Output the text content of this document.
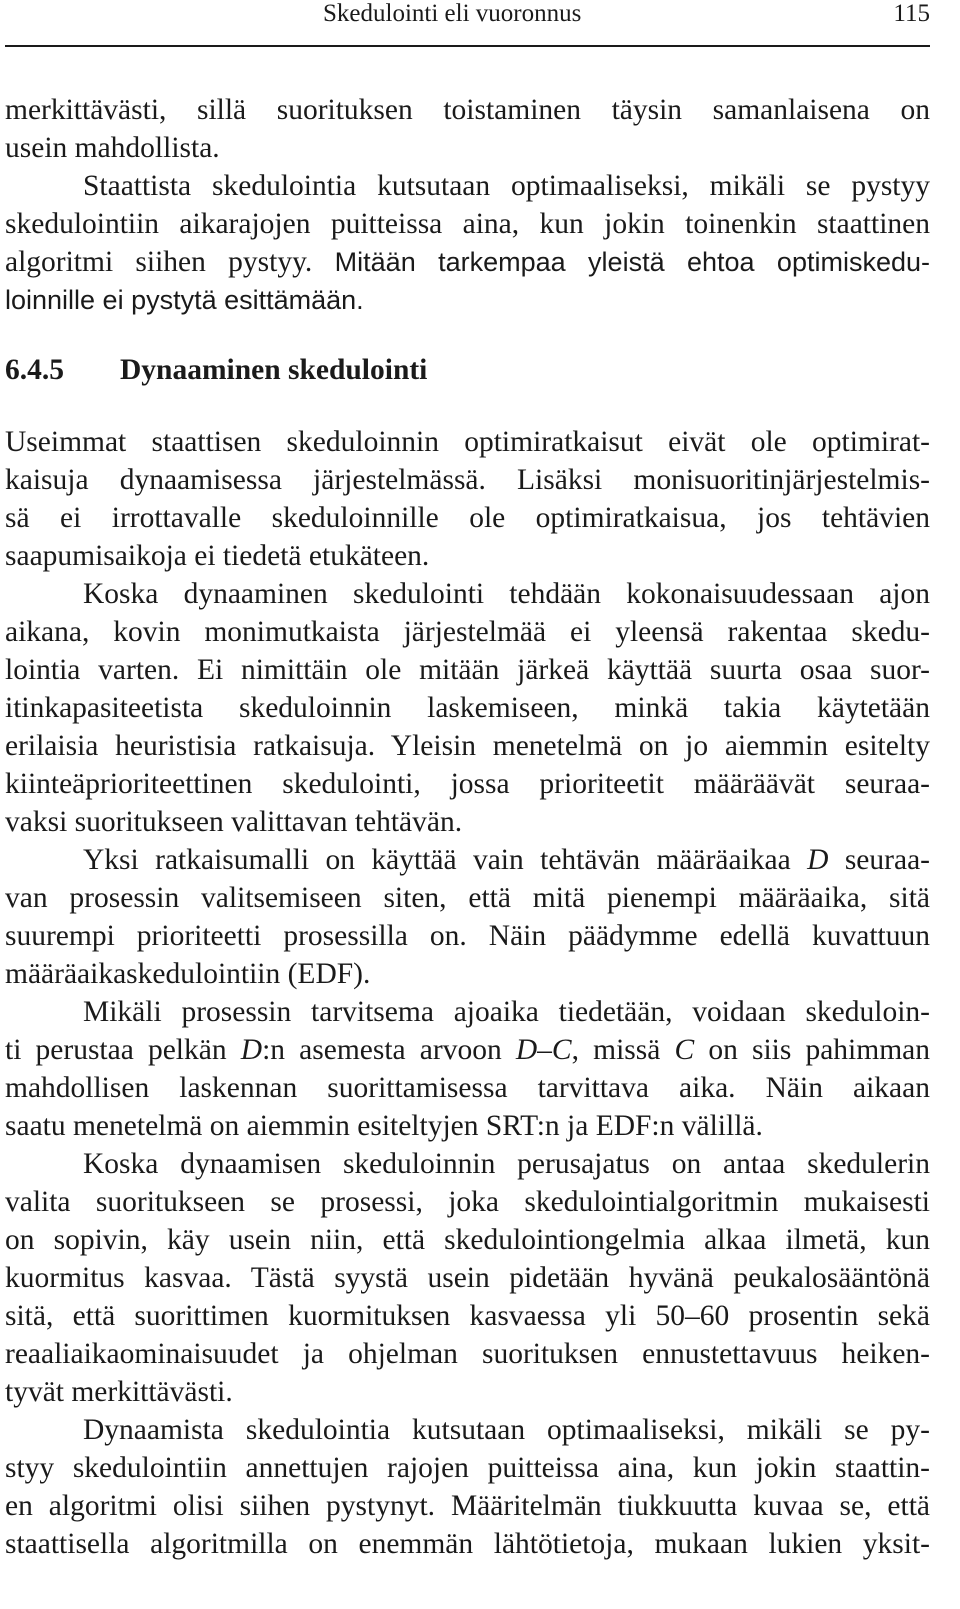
Skedulointi eli vuoronnus	115
merkittävästi, sillä suorituksen toistaminen täysin samanlaisena on
usein mahdollista.
Staattista skedulointia kutsutaan optimaaliseksi, mikäli se pystyy
skedulointiin aikarajojen puitteissa aina, kun jokin toinenkin staattinen
algoritmi siihen pystyy. Mitään tarkempaa yleistä ehtoa optimiskedu-
loinnille ei pystytä esittämään.
6.4.5 Dynaaminen skedulointi
Useimmat staattisen skeduloinnin optimiratkaisut eivät ole optimirat-
kaisuja dynaamisessa järjestelmässä. Lisäksi monisuoritinjärjestelmis-
sä ei irrottavalle skeduloinnille ole optimiratkaisua, jos tehtävien
saapumisaikoja ei tiedetä etukäteen.
Koska dynaaminen skedulointi tehdään kokonaisuudessaan ajon
aikana, kovin monimutkaista järjestelmää ei yleensä rakentaa skedu-
lointia varten. Ei nimittäin ole mitään järkeä käyttää suurta osaa suor-
itinkapasiteetista skeduloinnin laskemiseen, minkä takia käytetään
erilaisia heuristisia ratkaisuja. Yleisin menetelmä on jo aiemmin esitelty
kiinteäprioriteettinen skedulointi, jossa prioriteetit määräävät seuraa-
vaksi suoritukseen valittavan tehtävän.
Yksi ratkaisumalli on käyttää vain tehtävän määräaikaa D seuraa-
van prosessin valitsemiseen siten, että mitä pienempi määräaika, sitä
suurempi prioriteetti prosessilla on. Näin päädymme edellä kuvattuun
määräaikaskedulointiin (EDF).
Mikäli prosessin tarvitsema ajoaika tiedetään, voidaan skeduloin-
ti perustaa pelkän D:n asemesta arvoon D–C, missä C on siis pahimman
mahdollisen laskennan suorittamisessa tarvittava aika. Näin aikaan
saatu menetelmä on aiemmin esiteltyjen SRT:n ja EDF:n välillä.
Koska dynaamisen skeduloinnin perusajatus on antaa skedulerin
valita suoritukseen se prosessi, joka skedulointialgoritmin mukaisesti
on sopivin, käy usein niin, että skedulointiongelmia alkaa ilmetä, kun
kuormitus kasvaa. Tästä syystä usein pidetään hyvänä peukalosääntönä
sitä, että suorittimen kuormituksen kasvaessa yli 50–60 prosentin sekä
reaaliaikaominaisuudet ja ohjelman suorituksen ennustettavuus heiken-
tyvät merkittävästi.
Dynaamista skedulointia kutsutaan optimaaliseksi, mikäli se py-
styy skedulointiin annettujen rajojen puitteissa aina, kun jokin staattin-
en algoritmi olisi siihen pystynyt. Määritelmän tiukkuutta kuvaa se, että
staattisella algoritmilla on enemmän lähtötietoja, mukaan lukien yksit-
